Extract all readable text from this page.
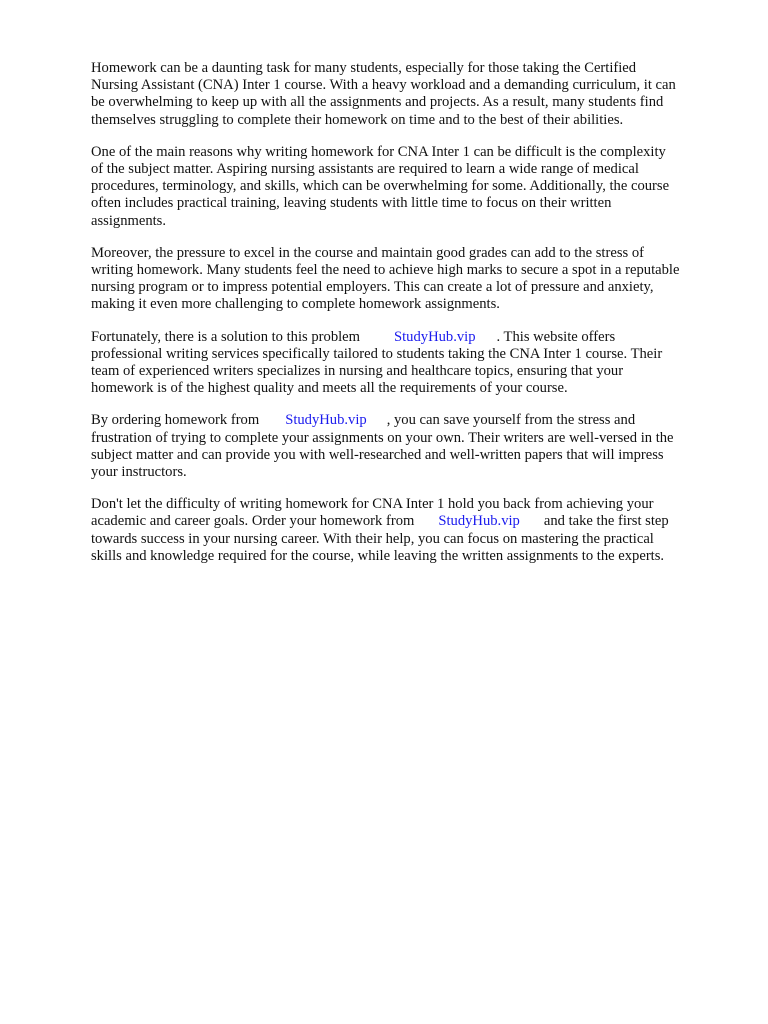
Homework can be a daunting task for many students, especially for those taking the Certified
Nursing Assistant (CNA) Inter 1 course. With a heavy workload and a demanding curriculum, it can
be overwhelming to keep up with all the assignments and projects. As a result, many students find
themselves struggling to complete their homework on time and to the best of their abilities.

One of the main reasons why writing homework for CNA Inter 1 can be difficult is the complexity
of the subject matter. Aspiring nursing assistants are required to learn a wide range of medical
procedures, terminology, and skills, which can be overwhelming for some. Additionally, the course
often includes practical training, leaving students with little time to focus on their written
assignments.

Moreover, the pressure to excel in the course and maintain good grades can add to the stress of
writing homework. Many students feel the need to achieve high marks to secure a spot in a reputable
nursing program or to impress potential employers. This can create a lot of pressure and anxiety,
making it even more challenging to complete homework assignments.

Fortunately, there is a solution to this problem StudyHub.vip . This website offers
professional writing services specifically tailored to students taking the CNA Inter 1 course. Their
team of experienced writers specializes in nursing and healthcare topics, ensuring that your
homework is of the highest quality and meets all the requirements of your course.

By ordering homework from StudyHub.vip , you can save yourself from the stress and
frustration of trying to complete your assignments on your own. Their writers are well-versed in the
subject matter and can provide you with well-researched and well-written papers that will impress
your instructors.

Don't let the difficulty of writing homework for CNA Inter 1 hold you back from achieving your
academic and career goals. Order your homework from StudyHub.vip and take the first step
towards success in your nursing career. With their help, you can focus on mastering the practical
skills and knowledge required for the course, while leaving the written assignments to the experts.
